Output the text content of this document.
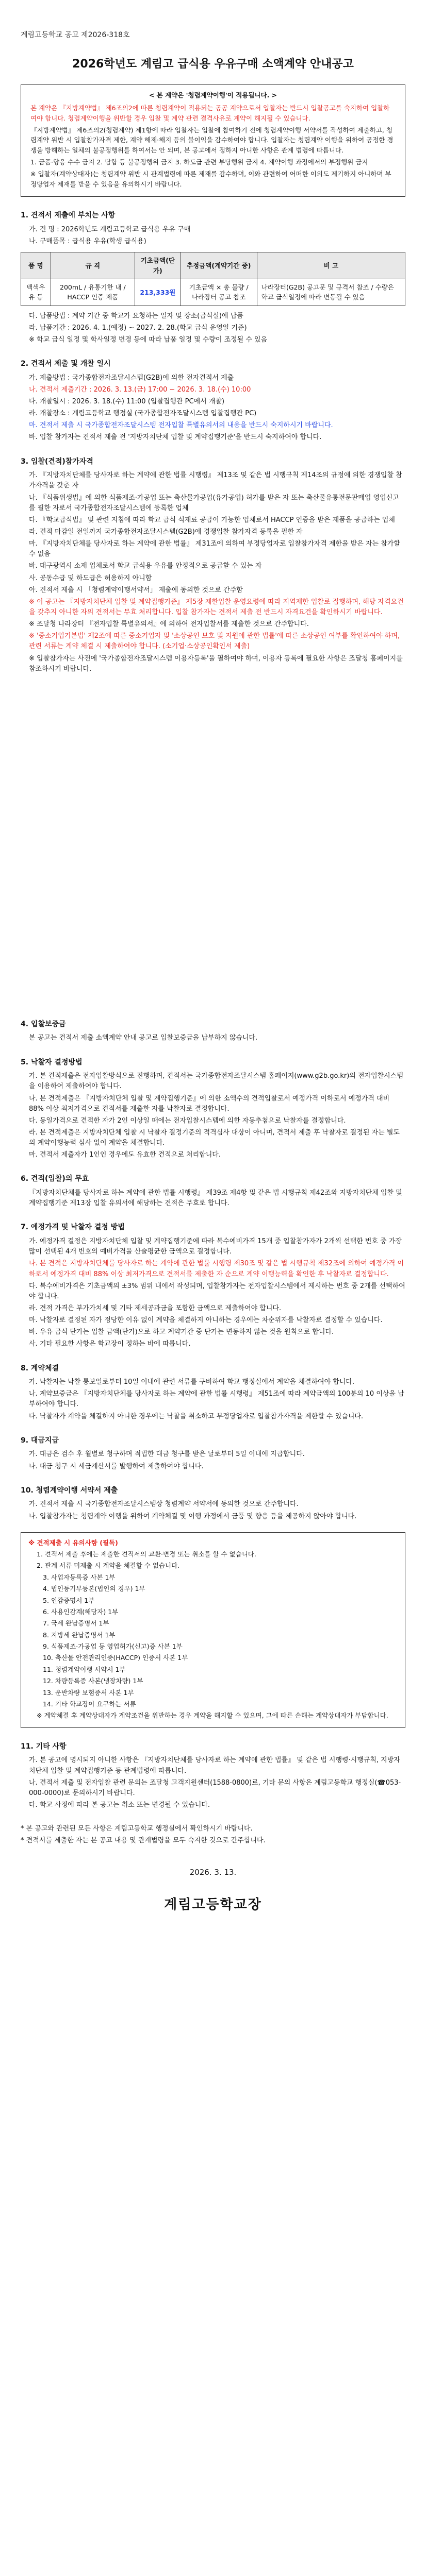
계림고등학교 공고 제2026-318호
2026학년도 계림고 급식용 우유구매 소액계약 안내공고
< 본 계약은 '청렴계약이행'이 적용됩니다. >

본 계약은 『지방계약법』 제6조의2에 따른 청렴계약이 적용되는 공공 계약으로서 입찰자는 반드시 입찰공고를 숙지하여 입찰하여야 합니다. 청렴계약이행을 위반할 경우 입찰 및 계약 관련 결격사유로 계약이 해지될 수 있습니다.

『지방계약법』 제6조의2(청렴계약) 제1항에 따라 입찰자는 입찰에 참여하기 전에 청렴계약이행 서약서를 작성하여 제출하고, 청렴계약 위반 시 입찰참가자격 제한, 계약 해제·해지 등의 불이익을 감수하여야 합니다. 입찰자는 청렴계약 이행을 위하여 공정한 경쟁을 방해하는 일체의 불공정행위를 하여서는 안 되며, 본 공고에서 정하지 아니한 사항은 관계 법령에 따릅니다.

1. 금품·향응 수수 금지 2. 담합 등 불공정행위 금지 3. 하도급 관련 부당행위 금지 4. 계약이행 과정에서의 부정행위 금지

※ 입찰자(계약상대자)는 청렴계약 위반 시 관계법령에 따른 제재를 감수하며, 이와 관련하여 어떠한 이의도 제기하지 아니하며 부정당업자 제재를 받을 수 있음을 유의하시기 바랍니다.

1. 견적서 제출에 부치는 사항
가. 건 명 : 2026학년도 계림고등학교 급식용 우유 구매
나. 구매품목 : 급식용 우유(학생 급식용)
품 명	규 격	기초금액(단가)	추정금액(계약기간 중)	비 고
백색우유 등	200mL / 유통기한 내 / HACCP 인증 제품	213,333원	기초금액 × 총 물량 / 나라장터 공고 참조	나라장터(G2B) 공고문 및 규격서 참조 / 수량은 학교 급식일정에 따라 변동될 수 있음
다. 납품방법 : 계약 기간 중 학교가 요청하는 일자 및 장소(급식실)에 납품
라. 납품기간 : 2026. 4. 1.(예정) ~ 2027. 2. 28.(학교 급식 운영일 기준)
※ 학교 급식 일정 및 학사일정 변경 등에 따라 납품 일정 및 수량이 조정될 수 있음
2. 견적서 제출 및 개찰 일시
가. 제출방법 : 국가종합전자조달시스템(G2B)에 의한 전자견적서 제출
나. 견적서 제출기간 : 2026. 3. 13.(금) 17:00 ~ 2026. 3. 18.(수) 10:00
다. 개찰일시 : 2026. 3. 18.(수) 11:00 (입찰집행관 PC에서 개찰)
라. 개찰장소 : 계림고등학교 행정실 (국가종합전자조달시스템 입찰집행관 PC)
마. 견적서 제출 시 국가종합전자조달시스템 전자입찰 특별유의서의 내용을 반드시 숙지하시기 바랍니다.
바. 입찰 참가자는 견적서 제출 전 '지방자치단체 입찰 및 계약집행기준'을 반드시 숙지하여야 합니다.
3. 입찰(견적)참가자격
가. 『지방자치단체를 당사자로 하는 계약에 관한 법률 시행령』 제13조 및 같은 법 시행규칙 제14조의 규정에 의한 경쟁입찰 참가자격을 갖춘 자
나. 『식품위생법』에 의한 식품제조·가공업 또는 축산물가공업(유가공업) 허가를 받은 자 또는 축산물유통전문판매업 영업신고를 필한 자로서 국가종합전자조달시스템에 등록한 업체
다. 『학교급식법』 및 관련 지침에 따라 학교 급식 식재료 공급이 가능한 업체로서 HACCP 인증을 받은 제품을 공급하는 업체
라. 견적 마감일 전일까지 국가종합전자조달시스템(G2B)에 경쟁입찰 참가자격 등록을 필한 자
마. 『지방자치단체를 당사자로 하는 계약에 관한 법률』 제31조에 의하여 부정당업자로 입찰참가자격 제한을 받은 자는 참가할 수 없음
바. 대구광역시 소재 업체로서 학교 급식용 우유를 안정적으로 공급할 수 있는 자
사. 공동수급 및 하도급은 허용하지 아니함
아. 견적서 제출 시 「청렴계약이행서약서」 제출에 동의한 것으로 간주함
※ 이 공고는 『지방자치단체 입찰 및 계약집행기준』 제5장 제한입찰 운영요령에 따라 지역제한 입찰로 집행하며, 해당 자격요건을 갖추지 아니한 자의 견적서는 무효 처리합니다. 입찰 참가자는 견적서 제출 전 반드시 자격요건을 확인하시기 바랍니다.
※ 조달청 나라장터 『전자입찰 특별유의서』에 의하여 전자입찰서를 제출한 것으로 간주합니다.
※ '중소기업기본법' 제2조에 따른 중소기업자 및 '소상공인 보호 및 지원에 관한 법률'에 따른 소상공인 여부를 확인하여야 하며, 관련 서류는 계약 체결 시 제출하여야 합니다. (소기업·소상공인확인서 제출)
※ 입찰참가자는 사전에 '국가종합전자조달시스템 이용자등록'을 필하여야 하며, 이용자 등록에 필요한 사항은 조달청 홈페이지를 참조하시기 바랍니다.
4. 입찰보증금
본 공고는 견적서 제출 소액계약 안내 공고로 입찰보증금을 납부하지 않습니다.
5. 낙찰자 결정방법
가. 본 견적제출은 전자입찰방식으로 진행하며, 견적서는 국가종합전자조달시스템 홈페이지(www.g2b.go.kr)의 전자입찰시스템을 이용하여 제출하여야 합니다.
나. 본 견적제출은 『지방자치단체 입찰 및 계약집행기준』에 의한 소액수의 견적입찰로서 예정가격 이하로서 예정가격 대비 88% 이상 최저가격으로 견적서를 제출한 자를 낙찰자로 결정합니다.
다. 동일가격으로 견적한 자가 2인 이상일 때에는 전자입찰시스템에 의한 자동추첨으로 낙찰자를 결정합니다.
라. 본 견적제출은 지방자치단체 입찰 시 낙찰자 결정기준의 적격심사 대상이 아니며, 견적서 제출 후 낙찰자로 결정된 자는 별도의 계약이행능력 심사 없이 계약을 체결합니다.
마. 견적서 제출자가 1인인 경우에도 유효한 견적으로 처리합니다.
6. 견적(입찰)의 무효
『지방자치단체를 당사자로 하는 계약에 관한 법률 시행령』 제39조 제4항 및 같은 법 시행규칙 제42조와 지방자치단체 입찰 및 계약집행기준 제13장 입찰 유의서에 해당하는 견적은 무효로 합니다.
7. 예정가격 및 낙찰자 결정 방법
가. 예정가격 결정은 지방자치단체 입찰 및 계약집행기준에 따라 복수예비가격 15개 중 입찰참가자가 2개씩 선택한 번호 중 가장 많이 선택된 4개 번호의 예비가격을 산술평균한 금액으로 결정합니다.
나. 본 견적은 지방자치단체를 당사자로 하는 계약에 관한 법률 시행령 제30조 및 같은 법 시행규칙 제32조에 의하여 예정가격 이하로서 예정가격 대비 88% 이상 최저가격으로 견적서를 제출한 자 순으로 계약 이행능력을 확인한 후 낙찰자로 결정합니다.
다. 복수예비가격은 기초금액의 ±3% 범위 내에서 작성되며, 입찰참가자는 전자입찰시스템에서 제시하는 번호 중 2개를 선택하여야 합니다.
라. 견적 가격은 부가가치세 및 기타 제세공과금을 포함한 금액으로 제출하여야 합니다.
마. 낙찰자로 결정된 자가 정당한 이유 없이 계약을 체결하지 아니하는 경우에는 차순위자를 낙찰자로 결정할 수 있습니다.
바. 우유 급식 단가는 입찰 금액(단가)으로 하고 계약기간 중 단가는 변동하지 않는 것을 원칙으로 합니다.
사. 기타 필요한 사항은 학교장이 정하는 바에 따릅니다.
8. 계약체결
가. 낙찰자는 낙찰 통보일로부터 10일 이내에 관련 서류를 구비하여 학교 행정실에서 계약을 체결하여야 합니다.
나. 계약보증금은 『지방자치단체를 당사자로 하는 계약에 관한 법률 시행령』 제51조에 따라 계약금액의 100분의 10 이상을 납부하여야 합니다.
다. 낙찰자가 계약을 체결하지 아니한 경우에는 낙찰을 취소하고 부정당업자로 입찰참가자격을 제한할 수 있습니다.
9. 대금지급
가. 대금은 검수 후 월별로 청구하며 적법한 대금 청구를 받은 날로부터 5일 이내에 지급합니다.
나. 대금 청구 시 세금계산서를 발행하여 제출하여야 합니다.
10. 청렴계약이행 서약서 제출
가. 견적서 제출 시 국가종합전자조달시스템상 청렴계약 서약서에 동의한 것으로 간주합니다.
나. 입찰참가자는 청렴계약 이행을 위하여 계약체결 및 이행 과정에서 금품 및 향응 등을 제공하지 않아야 합니다.
※ 견적제출 시 유의사항 (필독)
1. 견적서 제출 후에는 제출한 견적서의 교환·변경 또는 취소를 할 수 없습니다.
2. 관계 서류 미제출 시 계약을 체결할 수 없습니다.
3. 사업자등록증 사본 1부
4. 법인등기부등본(법인의 경우) 1부
5. 인감증명서 1부
6. 사용인감계(해당자) 1부
7. 국세 완납증명서 1부
8. 지방세 완납증명서 1부
9. 식품제조·가공업 등 영업허가(신고)증 사본 1부
10. 축산물 안전관리인증(HACCP) 인증서 사본 1부
11. 청렴계약이행 서약서 1부
12. 차량등록증 사본(냉장차량) 1부
13. 운반차량 보험증서 사본 1부
14. 기타 학교장이 요구하는 서류
※ 계약체결 후 계약상대자가 계약조건을 위반하는 경우 계약을 해지할 수 있으며, 그에 따른 손해는 계약상대자가 부담합니다.
11. 기타 사항
가. 본 공고에 명시되지 아니한 사항은 『지방자치단체를 당사자로 하는 계약에 관한 법률』 및 같은 법 시행령·시행규칙, 지방자치단체 입찰 및 계약집행기준 등 관계법령에 따릅니다.
나. 견적서 제출 및 전자입찰 관련 문의는 조달청 고객지원센터(1588-0800)로, 기타 문의 사항은 계림고등학교 행정실(☎053-000-0000)로 문의하시기 바랍니다.
다. 학교 사정에 따라 본 공고는 취소 또는 변경될 수 있습니다.
* 본 공고와 관련된 모든 사항은 계림고등학교 행정실에서 확인하시기 바랍니다.
* 견적서를 제출한 자는 본 공고 내용 및 관계법령을 모두 숙지한 것으로 간주합니다.
2026. 3. 13.
계림고등학교장
